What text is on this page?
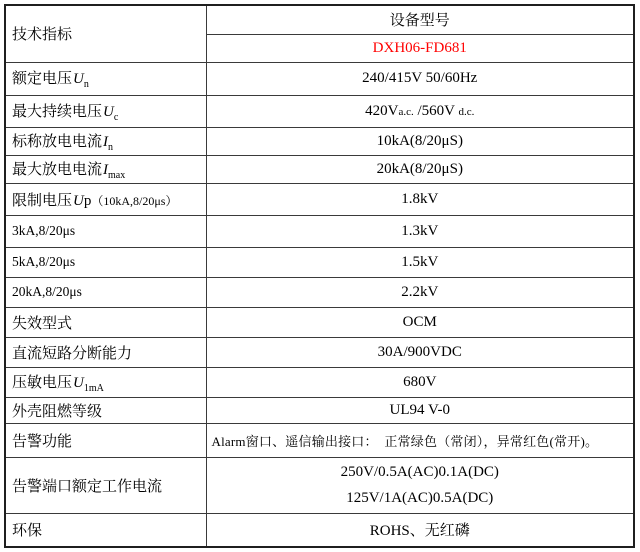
技术指标	设备型号
	DXH06-FD681
额定电压$U_n$	240/415V 50/60Hz
最大持续电压$U_c$	420Va.c. /560V d.c.
标称放电电流$I_n$	10kA(8/20μS)
最大放电电流$I_{max}$	20kA(8/20μS)
限制电压Up（10kA,8/20μs）	1.8kV
3kA,8/20μs	1.3kV
5kA,8/20μs	1.5kV
20kA,8/20μs	2.2kV
失效型式	OCM
直流短路分断能力	30A/900VDC
压敏电压$U_{1mA}$	680V
外壳阻燃等级	UL94 V-0
告警功能	Alarm窗口、遥信输出接口：　正常绿色（常闭），异常红色(常开)。
告警端口额定工作电流	250V/0.5A(AC)0.1A(DC)
125V/1A(AC)0.5A(DC)

环保	ROHS、无红磷
